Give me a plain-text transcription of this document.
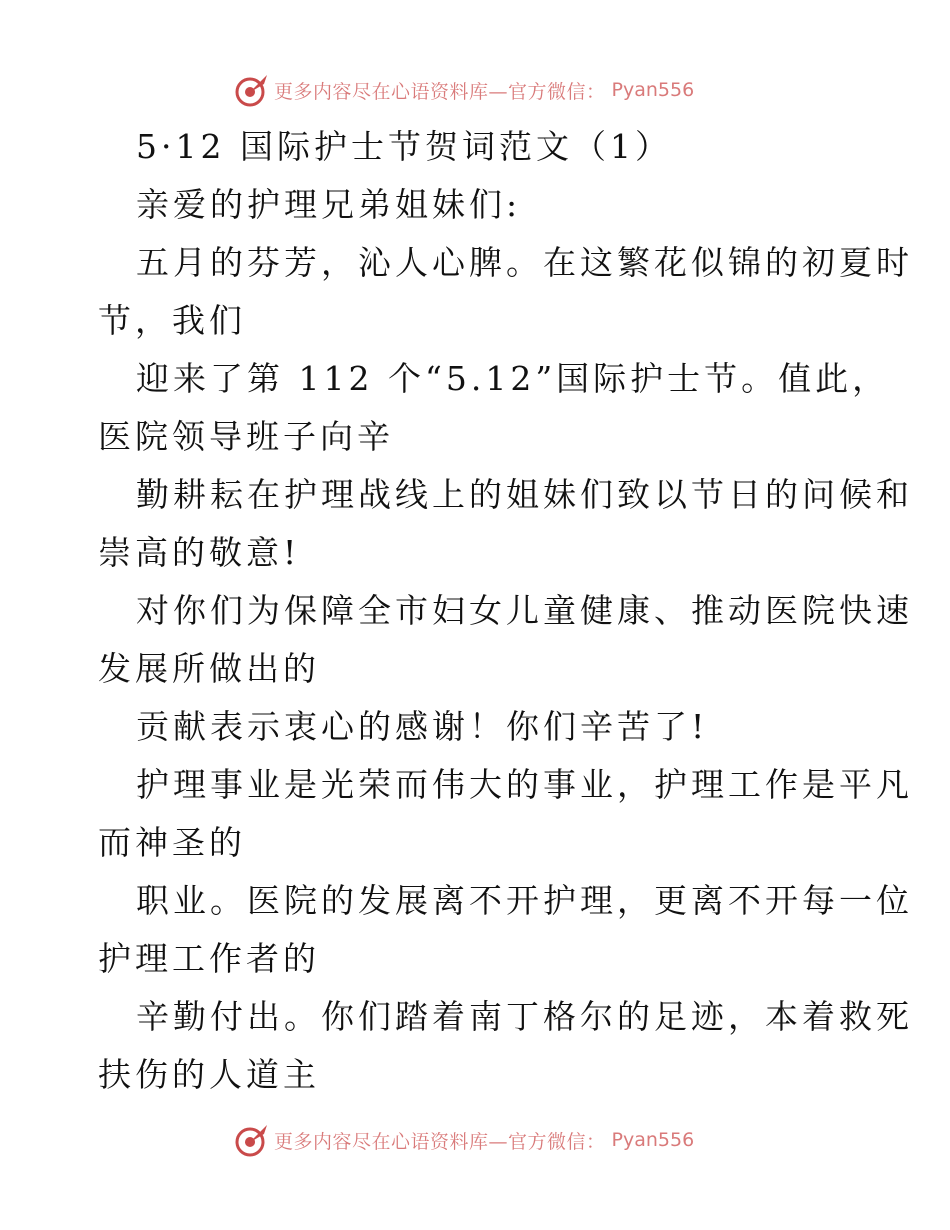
更多内容尽在心语资料库—官方微信： Pyan556
5·12 国际护士节贺词范文（1）
亲爱的护理兄弟姐妹们:
五月的芬芳，沁人心脾。在这繁花似锦的初夏时
节，我们
迎来了第 112 个“5.12”国际护士节。值此，
医院领导班子向辛
勤耕耘在护理战线上的姐妹们致以节日的问候和
崇高的敬意!
对你们为保障全市妇女儿童健康、推动医院快速
发展所做出的
贡献表示衷心的感谢！你们辛苦了!
护理事业是光荣而伟大的事业，护理工作是平凡
而神圣的
职业。医院的发展离不开护理，更离不开每一位
护理工作者的
辛勤付出。你们踏着南丁格尔的足迹，本着救死
扶伤的人道主
更多内容尽在心语资料库—官方微信： Pyan556
